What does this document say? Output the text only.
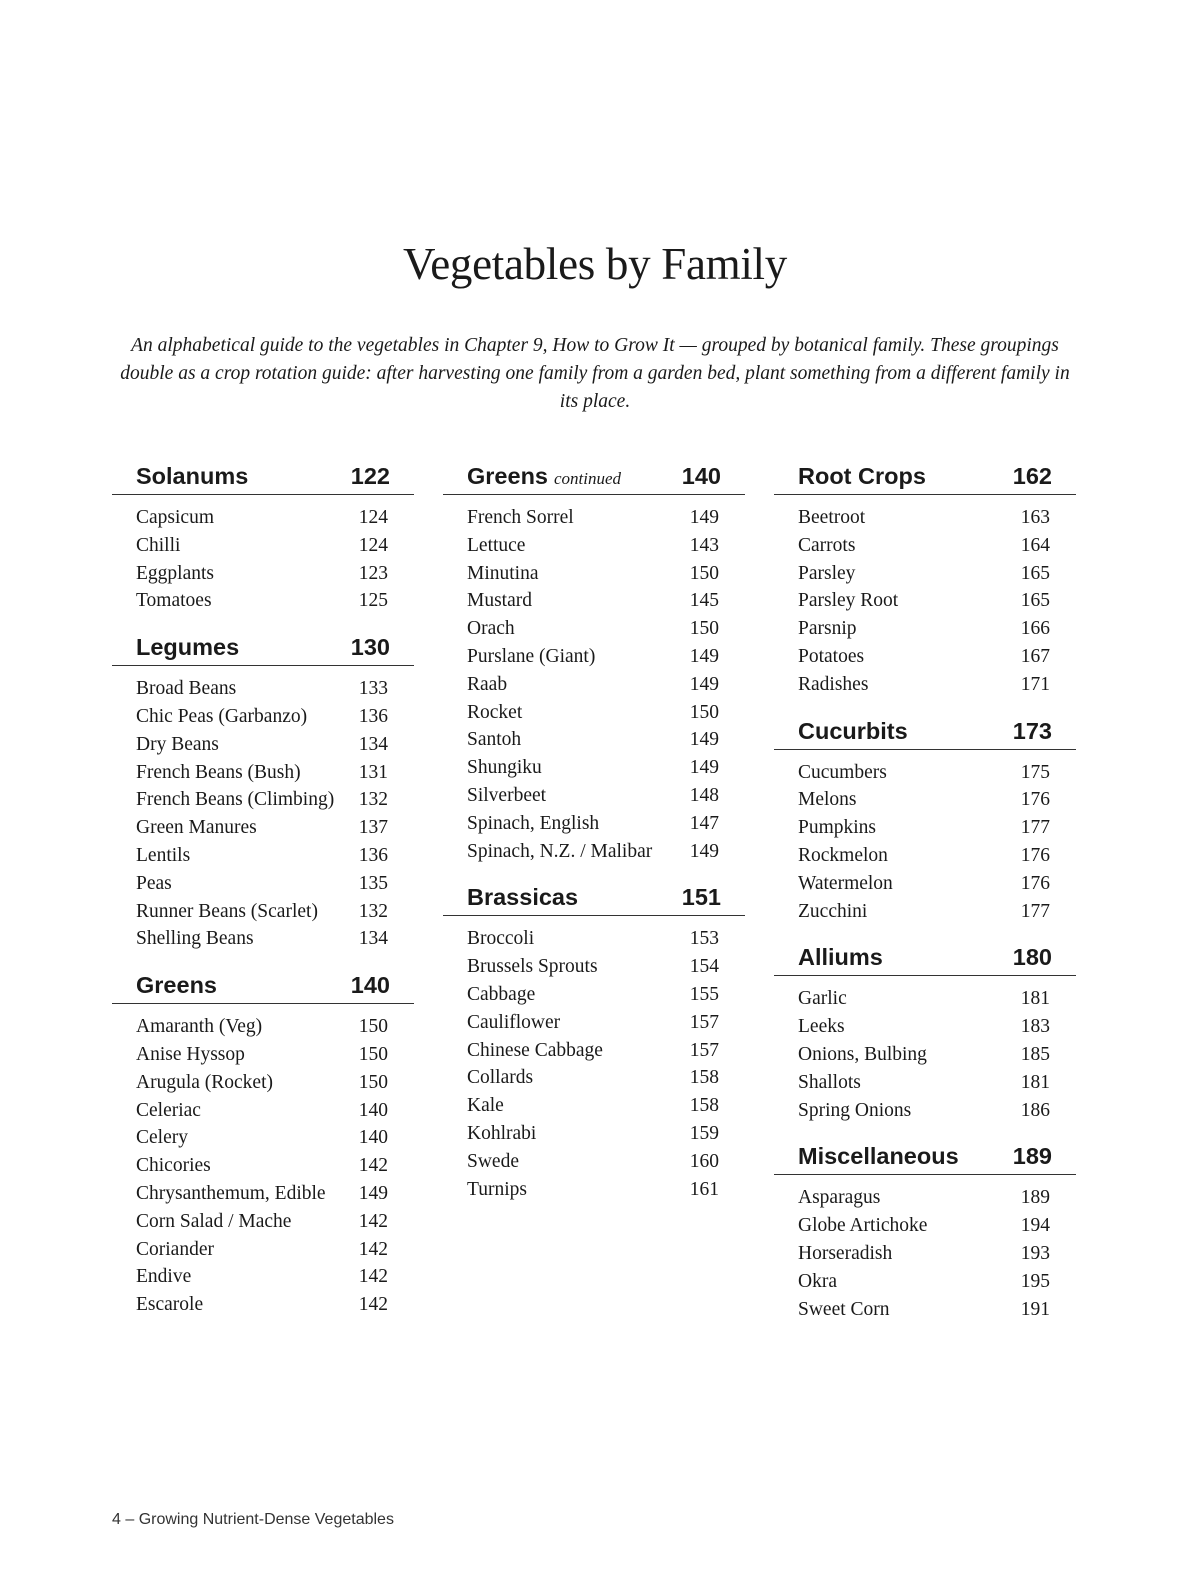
Vegetables by Family

An alphabetical guide to the vegetables in Chapter 9, How to Grow It — grouped by botanical family. These groupings double as a crop rotation guide: after harvesting one family from a garden bed, plant something from a different family in its place.

Solanums	122
Capsicum	124
Chilli	124
Eggplants	123
Tomatoes	125
Legumes	130
Broad Beans	133
Chic Peas (Garbanzo)	136
Dry Beans	134
French Beans (Bush)	131
French Beans (Climbing) 132
Green Manures	137
Lentils	136
Peas	135
Runner Beans (Scarlet) 132
Shelling Beans	134
Greens	140
Amaranth (Veg)	150
Anise Hyssop	150
Arugula (Rocket)	150
Celeriac	140
Celery	140
Chicories	142
Chrysanthemum, Edible 149
Corn Salad / Mache	142
Coriander	142
Endive	142
Escarole	142
Greens continued	140
French Sorrel	149
Lettuce	143
Minutina	150
Mustard	145
Orach	150
Purslane (Giant)	149
Raab	149
Rocket	150
Santoh	149
Shungiku	149
Silverbeet	148
Spinach, English	147
Spinach, N.Z. / Malibar 149
Brassicas	151
Broccoli	153
Brussels Sprouts	154
Cabbage	155
Cauliflower	157
Chinese Cabbage	157
Collards	158
Kale	158
Kohlrabi	159
Swede	160
Turnips	161
Root Crops	162
Beetroot	163
Carrots	164
Parsley	165
Parsley Root	165
Parsnip	166
Potatoes	167
Radishes	171
Cucurbits	173
Cucumbers	175
Melons	176
Pumpkins	177
Rockmelon	176
Watermelon	176
Zucchini	177
Alliums	180
Garlic	181
Leeks	183
Onions, Bulbing	185
Shallots	181
Spring Onions	186
Miscellaneous 189
Asparagus	189
Globe Artichoke	194
Horseradish	193
Okra	195
Sweet Corn	191

4 – Growing Nutrient-Dense Vegetables
